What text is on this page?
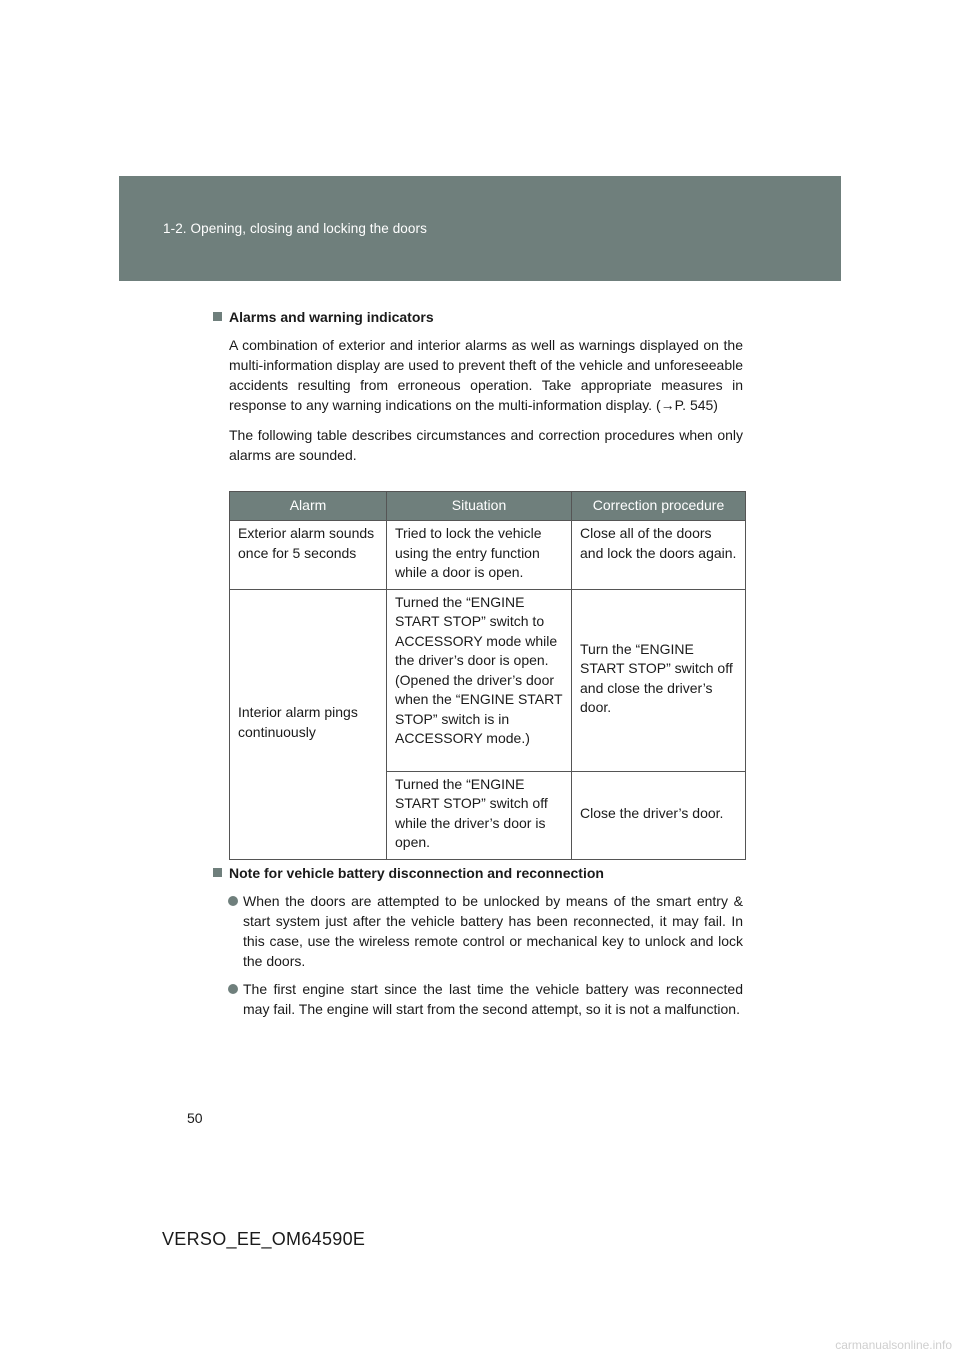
1-2. Opening, closing and locking the doors
Alarms and warning indicators

A combination of exterior and interior alarms as well as warnings displayed on the multi-information display are used to prevent theft of the vehicle and unforeseeable accidents resulting from erroneous operation. Take appropriate measures in response to any warning indications on the multi-information display. (→P. 545)

The following table describes circumstances and correction procedures when only alarms are sounded.

Alarm	Situation	Correction procedure
Exterior alarm sounds once for 5 seconds	Tried to lock the vehicle using the entry function while a door is open.	Close all of the doors and lock the doors again.
Interior alarm pings continuously	Turned the “ENGINE START STOP” switch to ACCESSORY mode while the driver’s door is open. (Opened the driver’s door when the “ENGINE START STOP” switch is in ACCESSORY mode.)	Turn the “ENGINE START STOP” switch off and close the driver’s door.
	Turned the “ENGINE START STOP” switch off while the driver’s door is open.	Close the driver’s door.
Note for vehicle battery disconnection and reconnection
When the doors are attempted to be unlocked by means of the smart entry & start system just after the vehicle battery has been reconnected, it may fail. In this case, use the wireless remote control or mechanical key to unlock and lock the doors.
The first engine start since the last time the vehicle battery was reconnected may fail. The engine will start from the second attempt, so it is not a malfunction.
50
VERSO_EE_OM64590E
carmanualsonline.info
